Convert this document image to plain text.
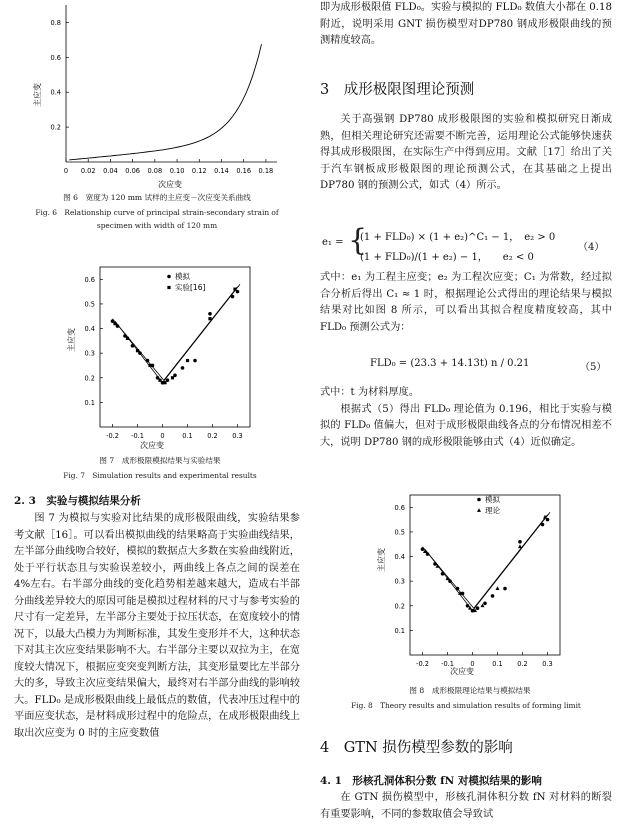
0 0.02 0.04 0.06 0.08 0.10 0.12 0.14 0.16 0.18
0.2
0.4
0.6
0.8
主应变
次应变
图 6　宽度为 120 mm 试样的主应变－次应变关系曲线
Fig. 6　Relationship curve of principal strain-secondary strain of
specimen with width of 120 mm
-0.2 -0.1 0	0.1 0.2 0.3
0.1
0.2
0.3
0.4
0.5
0.6
主应变
次应变
模拟
实验[16]
图 7　成形极限模拟结果与实验结果
Fig. 7　Simulation results and experimental results
2. 3　实验与模拟结果分析

图 7 为模拟与实验对比结果的成形极限曲线，实验结果参考文献［16］。可以看出模拟曲线的结果略高于实验曲线结果，左半部分曲线吻合较好，模拟的数据点大多数在实验曲线附近，处于平行状态且与实验误差较小，两曲线上各点之间的误差在4%左右。右半部分曲线的变化趋势相差越来越大，造成右半部分曲线差异较大的原因可能是模拟过程材料的尺寸与参考实验的尺寸有一定差异，左半部分主要处于拉压状态，在宽度较小的情况下，以最大凸模力为判断标准，其发生变形并不大，这种状态下对其主次应变结果影响不大。右半部分主要以双拉为主，在宽度较大情况下，根据应变突变判断方法，其变形量要比左半部分大的多，导致主次应变结果偏大，最终对右半部分曲线的影响较大。FLD₀ 是成形极限曲线上最低点的数值，代表冲压过程中的平面应变状态，是材料成形过程中的危险点，在成形极限曲线上取出次应变为 0 时的主应变数值

即为成形极限值 FLD₀。实验与模拟的 FLD₀ 数值大小都在 0.18 附近，说明采用 GNT 损伤模型对DP780 钢成形极限曲线的预测精度较高。

3　成形极限图理论预测

关于高强钢 DP780 成形极限图的实验和模拟研究日渐成熟，但相关理论研究还需要不断完善，运用理论公式能够快速获得其成形极限图，在实际生产中得到应用。文献［17］给出了关于汽车钢板成形极限图的理论预测公式，在其基础之上提出DP780 钢的预测公式，如式（4）所示。

e₁ = {
(1 + FLD₀) × (1 + e₂)^C₁ − 1，　e₂ > 0
(1 + FLD₀)/(1 + e₂) − 1，　　e₂ < 0
（4）

式中：e₁ 为工程主应变；e₂ 为工程次应变；C₁ 为常数，经过拟合分析后得出 C₁ ≈ 1 时，根据理论公式得出的理论结果与模拟结果对比如图 8 所示，可以看出其拟合程度精度较高，其中 FLD₀ 预测公式为：

FLD₀ = (23.3 + 14.13t) n / 0.21	（5）

式中：t 为材料厚度。

根据式（5）得出 FLD₀ 理论值为 0.196，相比于实验与模拟的 FLD₀ 值偏大，但对于成形极限曲线各点的分布情况相差不大，说明 DP780 钢的成形极限能够由式（4）近似确定。

-0.2 -0.1 0	0.1 0.2 0.3
0.1
0.2
0.3
0.4
0.5
0.6
主应变
次应变
模拟
理论
图 8　成形极限理论结果与模拟结果
Fig. 8　Theory results and simulation results of forming limit
4　GTN 损伤模型参数的影响
4. 1　形核孔洞体积分数 fN 对模拟结果的影响

在 GTN 损伤模型中，形核孔洞体积分数 fN 对材料的断裂有重要影响，不同的参数取值会导致试
